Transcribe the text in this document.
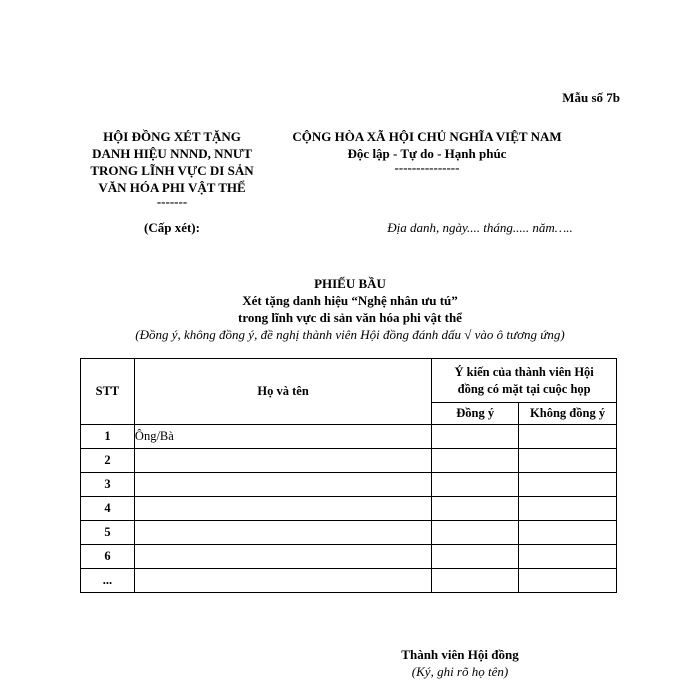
Mẫu số 7b
HỘI ĐỒNG XÉT TẶNG
DANH HIỆU NNND, NNƯT
TRONG LĨNH VỰC DI SẢN
VĂN HÓA PHI VẬT THỂ
-------
CỘNG HÒA XÃ HỘI CHỦ NGHĨA VIỆT NAM
Độc lập - Tự do - Hạnh phúc
---------------
(Cấp xét):	Địa danh, ngày.... tháng..... năm…..
PHIẾU BẦU
Xét tặng danh hiệu “Nghệ nhân ưu tú”
trong lĩnh vực di sản văn hóa phi vật thể
(Đồng ý, không đồng ý, đề nghị thành viên Hội đồng đánh dấu √ vào ô tương ứng)
STT	Họ và tên	Ý kiến của thành viên Hội đồng có mặt tại cuộc họp	
		Đồng ý	Không đồng ý
1	Ông/Bà		
2			
3			
4			
5			
6			
...			
Thành viên Hội đồng
(Ký, ghi rõ họ tên)
